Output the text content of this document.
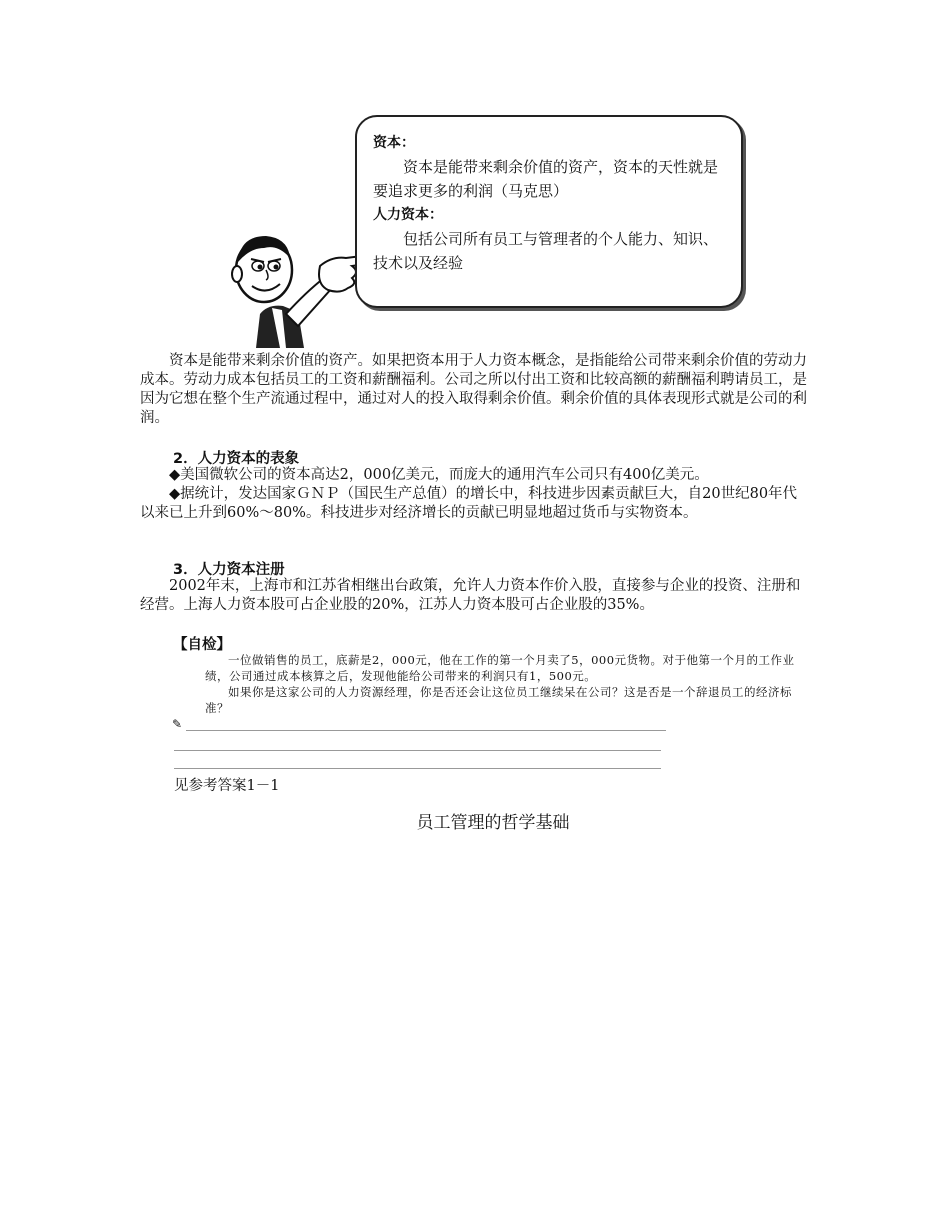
资本：

资本是能带来剩余价值的资产，资本的天性就是要追求更多的利润（马克思）

人力资本：

包括公司所有员工与管理者的个人能力、知识、技术以及经验

资本是能带来剩余价值的资产。如果把资本用于人力资本概念，是指能给公司带来剩余价值的劳动力成本。劳动力成本包括员工的工资和薪酬福利。公司之所以付出工资和比较高额的薪酬福利聘请员工，是因为它想在整个生产流通过程中，通过对人的投入取得剩余价值。剩余价值的具体表现形式就是公司的利润。

2．人力资本的表象

◆美国微软公司的资本高达2，000亿美元，而庞大的通用汽车公司只有400亿美元。

◆据统计，发达国家ＧＮＰ（国民生产总值）的增长中，科技进步因素贡献巨大，自20世纪80年代以来已上升到60%～80%。科技进步对经济增长的贡献已明显地超过货币与实物资本。

3．人力资本注册

2002年末，上海市和江苏省相继出台政策，允许人力资本作价入股，直接参与企业的投资、注册和经营。上海人力资本股可占企业股的20%，江苏人力资本股可占企业股的35%。

【自检】

一位做销售的员工，底薪是2，000元，他在工作的第一个月卖了5，000元货物。对于他第一个月的工作业绩，公司通过成本核算之后，发现他能给公司带来的利润只有1，500元。

如果你是这家公司的人力资源经理，你是否还会让这位员工继续呆在公司？这是否是一个辞退员工的经济标准？

✎

见参考答案1－1

员工管理的哲学基础
